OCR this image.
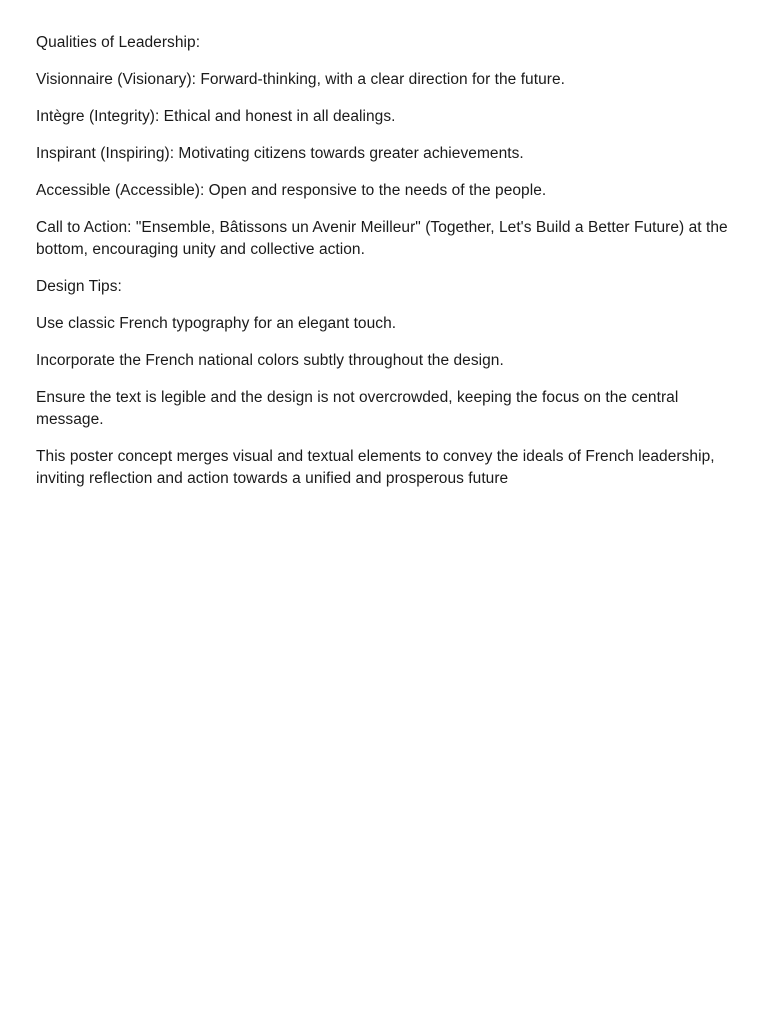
Qualities of Leadership:

Visionnaire (Visionary): Forward-thinking, with a clear direction for the future.

Intègre (Integrity): Ethical and honest in all dealings.

Inspirant (Inspiring): Motivating citizens towards greater achievements.

Accessible (Accessible): Open and responsive to the needs of the people.

Call to Action: "Ensemble, Bâtissons un Avenir Meilleur" (Together, Let's Build a Better Future) at the bottom, encouraging unity and collective action.

Design Tips:

Use classic French typography for an elegant touch.

Incorporate the French national colors subtly throughout the design.

Ensure the text is legible and the design is not overcrowded, keeping the focus on the central message.

This poster concept merges visual and textual elements to convey the ideals of French leadership, inviting reflection and action towards a unified and prosperous future
